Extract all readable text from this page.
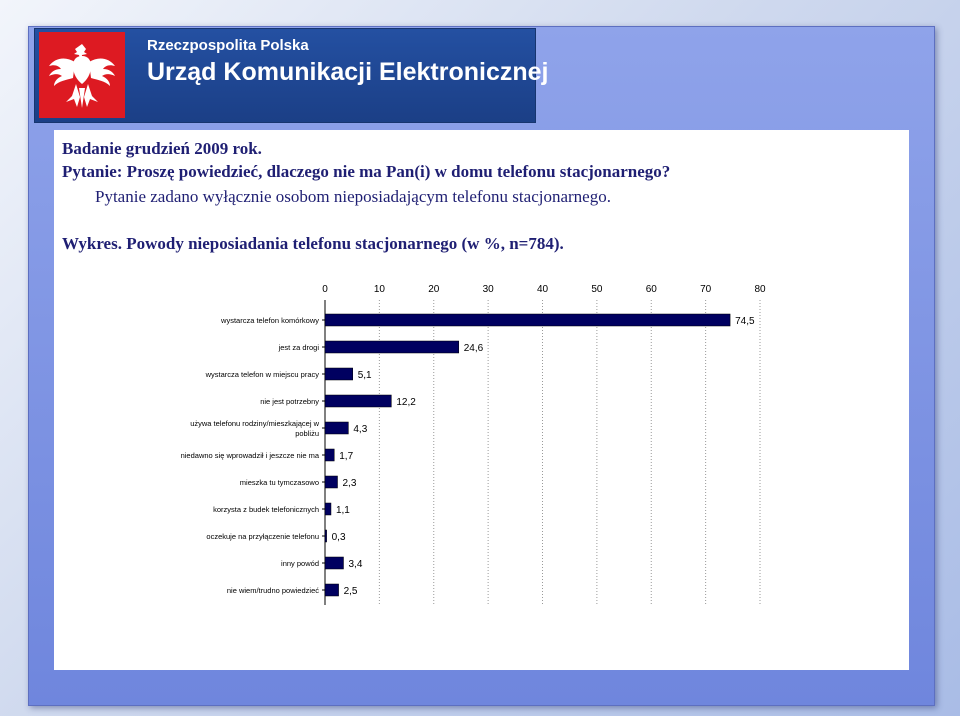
Rzeczpospolita Polska
Urząd Komunikacji Elektronicznej
Badanie grudzień 2009 rok.
Pytanie: Proszę powiedzieć, dlaczego nie ma Pan(i) w domu telefonu stacjonarnego?
Pytanie zadano wyłącznie osobom nieposiadającym telefonu stacjonarnego.
Wykres. Powody nieposiadania telefonu stacjonarnego (w %, n=784).
0	10	20	30	40	50	60	70	80
wystarcza telefon komórkowy	74,5
jest za drogi	24,6
wystarcza telefon w miejscu pracy	5,1
nie jest potrzebny	12,2
używa telefonu rodziny/mieszkającej w
pobliżu	4,3
niedawno się wprowadził i jeszcze nie ma 1,7
mieszka tu tymczasowo 2,3
korzysta z budek telefonicznych 1,1
oczekuje na przyłączenie telefonu 0,3
inny powód	3,4
nie wiem/trudno powiedzieć 2,5
